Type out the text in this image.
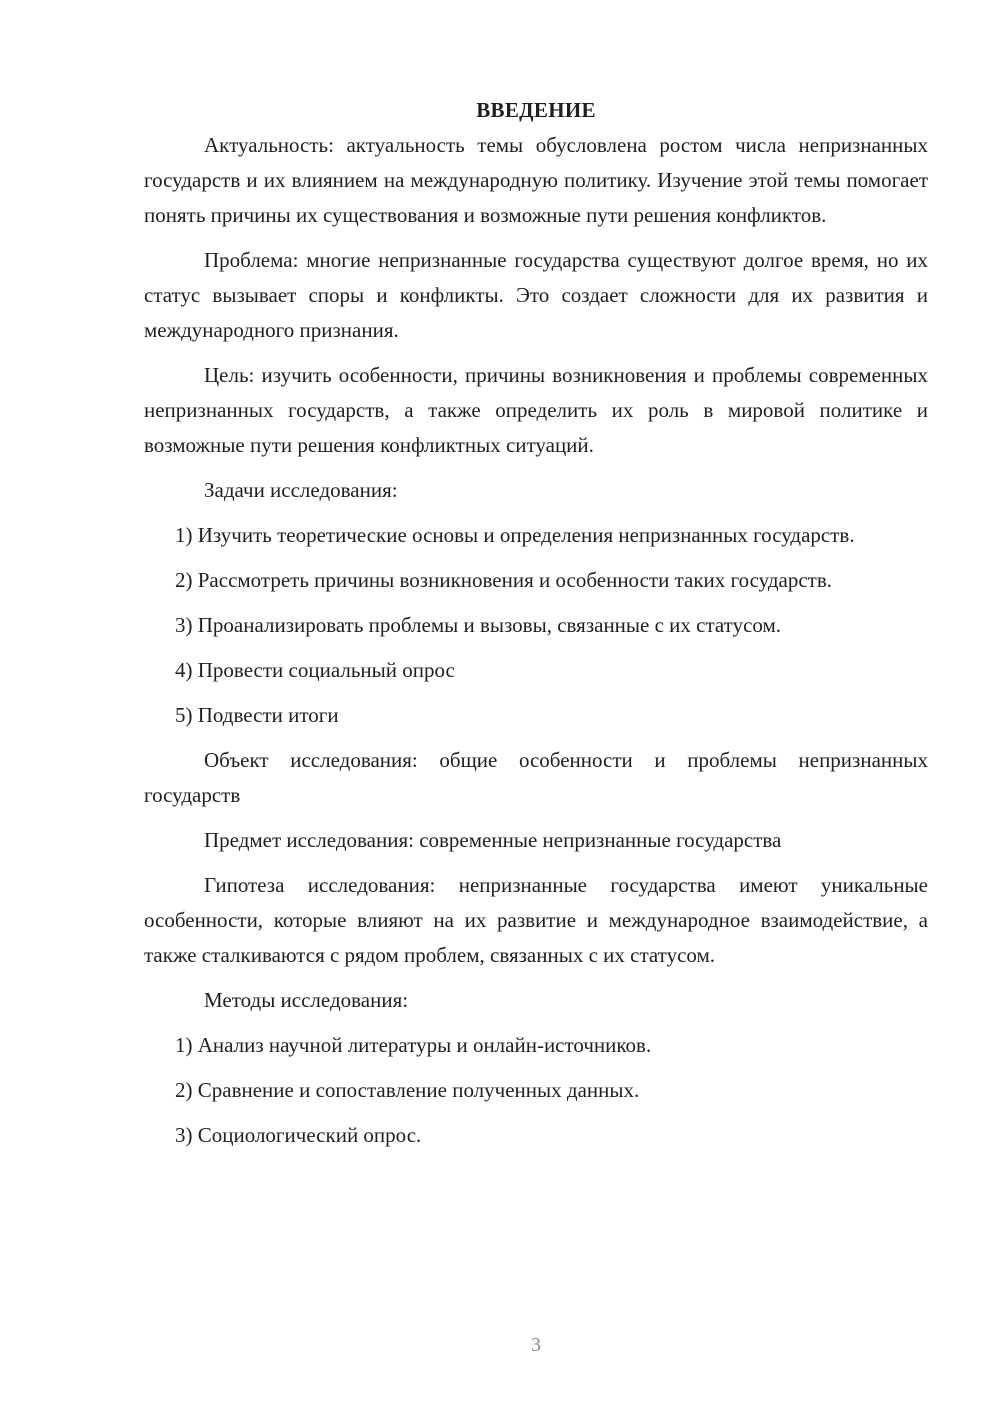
ВВЕДЕНИЕ
Актуальность: актуальность темы обусловлена ростом числа непризнанных государств и их влиянием на международную политику. Изучение этой темы помогает понять причины их существования и возможные пути решения конфликтов.
Проблема: многие непризнанные государства существуют долгое время, но их статус вызывает споры и конфликты. Это создает сложности для их развития и международного признания.
Цель: изучить особенности, причины возникновения и проблемы современных непризнанных государств, а также определить их роль в мировой политике и возможные пути решения конфликтных ситуаций.
Задачи исследования:
1) Изучить теоретические основы и определения непризнанных государств.
2) Рассмотреть причины возникновения и особенности таких государств.
3) Проанализировать проблемы и вызовы, связанные с их статусом.
4) Провести социальный опрос
5) Подвести итоги
Объект исследования: общие особенности и проблемы непризнанных государств
Предмет исследования: современные непризнанные государства
Гипотеза исследования: непризнанные государства имеют уникальные особенности, которые влияют на их развитие и международное взаимодействие, а также сталкиваются с рядом проблем, связанных с их статусом.
Методы исследования:
1) Анализ научной литературы и онлайн-источников.
2) Сравнение и сопоставление полученных данных.
3) Социологический опрос.
3
